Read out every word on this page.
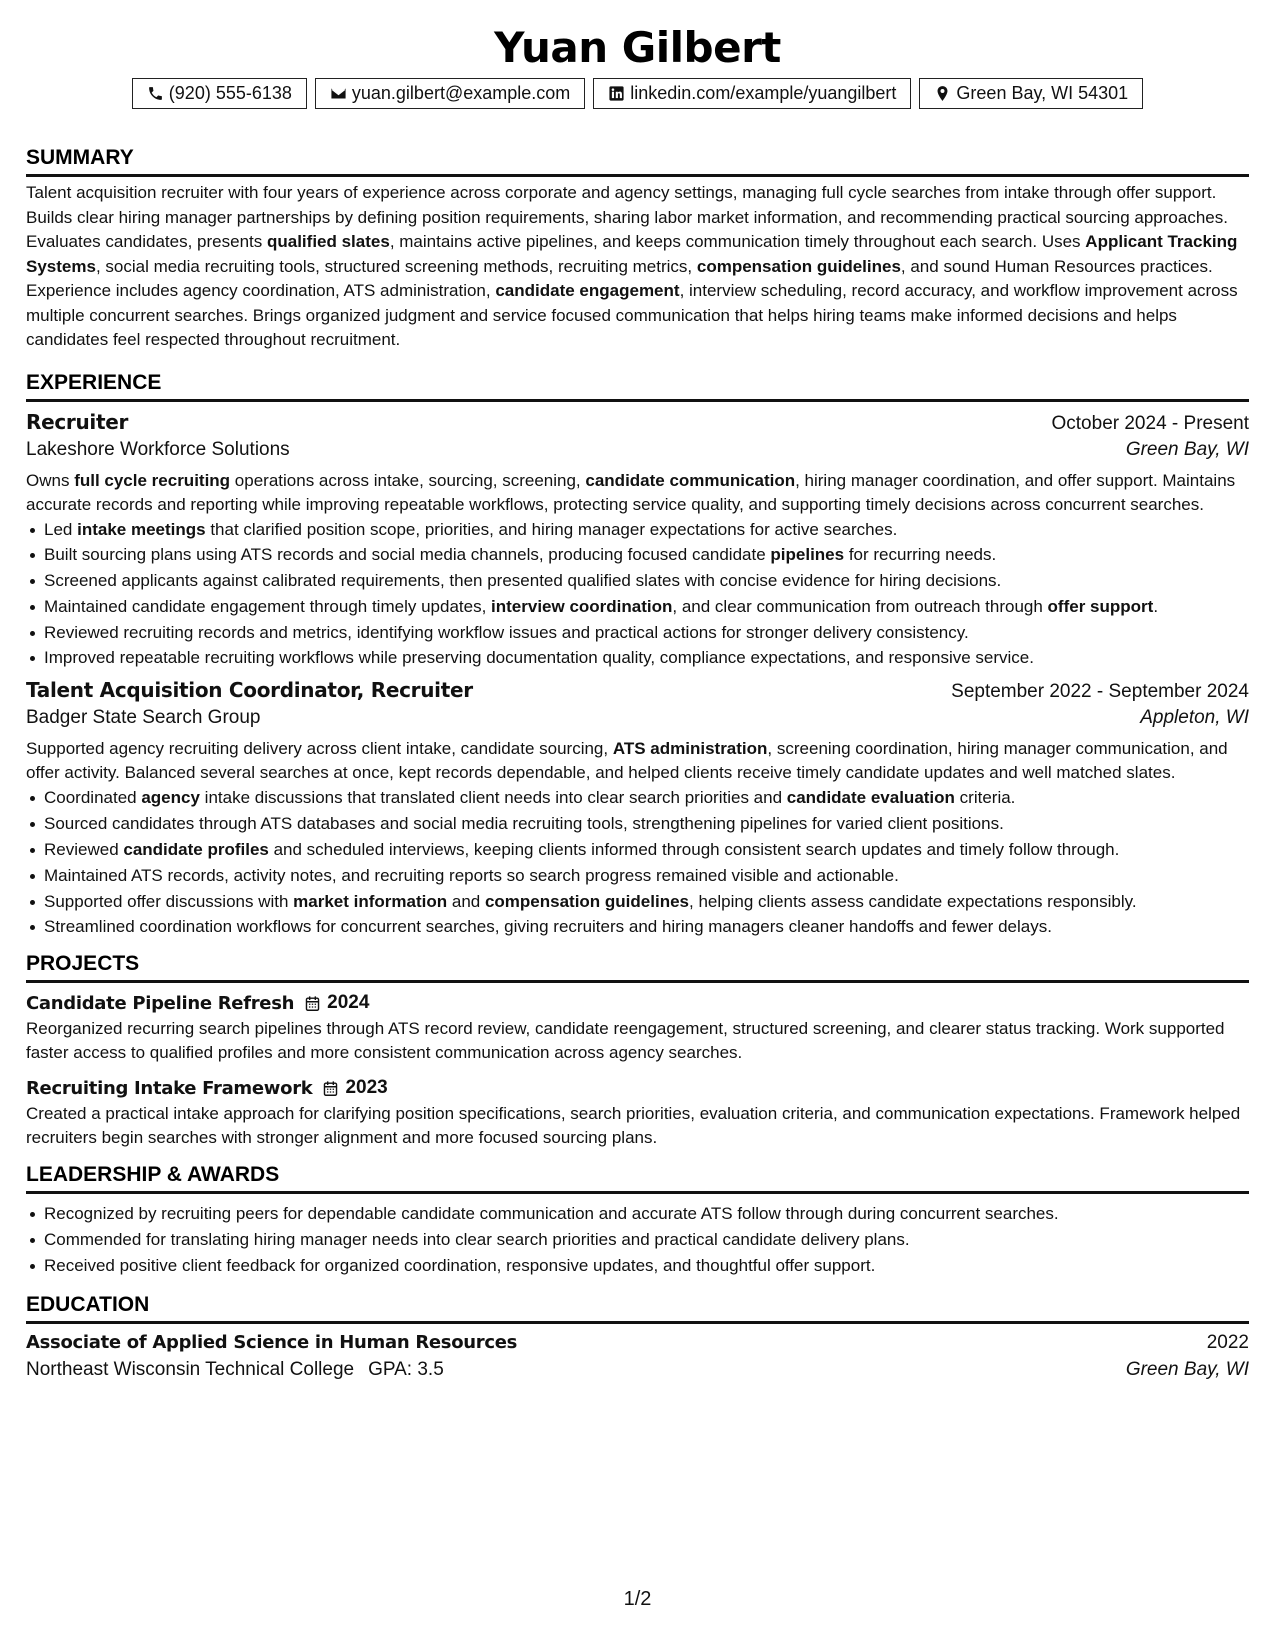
Yuan Gilbert
(920) 555-6138	yuan.gilbert@example.com	linkedin.com/example/yuangilbert	Green Bay, WI 54301
SUMMARY

Talent acquisition recruiter with four years of experience across corporate and agency settings, managing full cycle searches from intake through offer support. Builds clear hiring manager partnerships by defining position requirements, sharing labor market information, and recommending practical sourcing approaches. Evaluates candidates, presents qualified slates, maintains active pipelines, and keeps communication timely throughout each search. Uses Applicant Tracking Systems, social media recruiting tools, structured screening methods, recruiting metrics, compensation guidelines, and sound Human Resources practices. Experience includes agency coordination, ATS administration, candidate engagement, interview scheduling, record accuracy, and workflow improvement across multiple concurrent searches. Brings organized judgment and service focused communication that helps hiring teams make informed decisions and helps candidates feel respected throughout recruitment.

EXPERIENCE
Recruiter	October 2024 - Present
Lakeshore Workforce Solutions	Green Bay, WI

Owns full cycle recruiting operations across intake, sourcing, screening, candidate communication, hiring manager coordination, and offer support. Maintains accurate records and reporting while improving repeatable workflows, protecting service quality, and supporting timely decisions across concurrent searches.

Led intake meetings that clarified position scope, priorities, and hiring manager expectations for active searches.
Built sourcing plans using ATS records and social media channels, producing focused candidate pipelines for recurring needs.
Screened applicants against calibrated requirements, then presented qualified slates with concise evidence for hiring decisions.
Maintained candidate engagement through timely updates, interview coordination, and clear communication from outreach through offer support.
Reviewed recruiting records and metrics, identifying workflow issues and practical actions for stronger delivery consistency.
Improved repeatable recruiting workflows while preserving documentation quality, compliance expectations, and responsive service.
Talent Acquisition Coordinator, Recruiter	September 2022 - September 2024
Badger State Search Group	Appleton, WI

Supported agency recruiting delivery across client intake, candidate sourcing, ATS administration, screening coordination, hiring manager communication, and offer activity. Balanced several searches at once, kept records dependable, and helped clients receive timely candidate updates and well matched slates.

Coordinated agency intake discussions that translated client needs into clear search priorities and candidate evaluation criteria.
Sourced candidates through ATS databases and social media recruiting tools, strengthening pipelines for varied client positions.
Reviewed candidate profiles and scheduled interviews, keeping clients informed through consistent search updates and timely follow through.
Maintained ATS records, activity notes, and recruiting reports so search progress remained visible and actionable.
Supported offer discussions with market information and compensation guidelines, helping clients assess candidate expectations responsibly.
Streamlined coordination workflows for concurrent searches, giving recruiters and hiring managers cleaner handoffs and fewer delays.
PROJECTS
Candidate Pipeline Refresh 2024

Reorganized recurring search pipelines through ATS record review, candidate reengagement, structured screening, and clearer status tracking. Work supported faster access to qualified profiles and more consistent communication across agency searches.

Recruiting Intake Framework 2023

Created a practical intake approach for clarifying position specifications, search priorities, evaluation criteria, and communication expectations. Framework helped recruiters begin searches with stronger alignment and more focused sourcing plans.

LEADERSHIP & AWARDS
Recognized by recruiting peers for dependable candidate communication and accurate ATS follow through during concurrent searches.
Commended for translating hiring manager needs into clear search priorities and practical candidate delivery plans.
Received positive client feedback for organized coordination, responsive updates, and thoughtful offer support.
EDUCATION
Associate of Applied Science in Human Resources	2022
Northeast Wisconsin Technical College GPA: 3.5	Green Bay, WI
1/2
